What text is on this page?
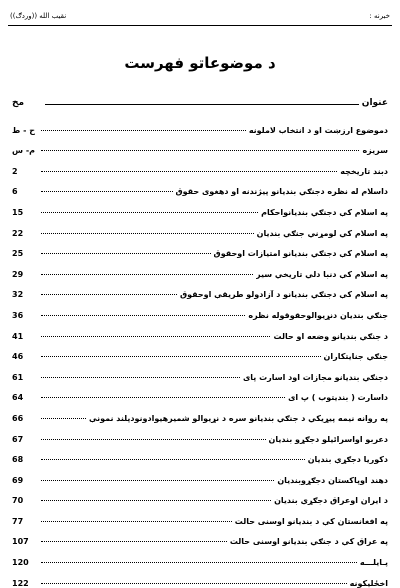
نقیب الله ((وردګ))	خبرنه :
د موضوعاتو فهرست
مخ	عنوان
ح - ط	دموضوع ارزښت او د انتخاب لاملونه
م- س	سریزه
2	دبند تاریخچه
6	داسلام له نظره دجنګي بندیانو پیژندنه او دهغوی حقوق
15	په اسلام کې دجنګي بندیانواحکام
22	په اسلام کي لومړني جنګي بندیان
25	په اسلام کې دجنګي بندیانو امتیازات اوحقوق
29	په اسلام کې دنبا دلي تاریخي سیر
32	په اسلام کې دجنګي بندیانو د آزادولو طریقې اوحقوق
36	جنګي بندیان دنړیوالوحقوقوله نظره
41	د جنګي بندیانو وضعه او حالت
46	جنګي جنایتکاران
61	دجنګي بندیانو مجازات اود اسارت پای
64	داسارت ( بندیتوب ) پ ای
66	په روانه نیمه پیړیکي د جنګي بندیانو سره د نړیوالو شمیرهیوادونودپلند نمونې
67	دعربو اواسرائیلو دجګړو بندیان
68	دکوریا دجګړې بندیان
69	دهند اوپاکستان دجګړوبندیان
70	د ایران اوعراق دجګړې بندیان
77	په افغانستان کې د بندیانو اوسنی حالت
107	په عراق کې د جنګي بندیانو اوسنی حالت
120	پـایلـــه
122	اخځلیکونه
